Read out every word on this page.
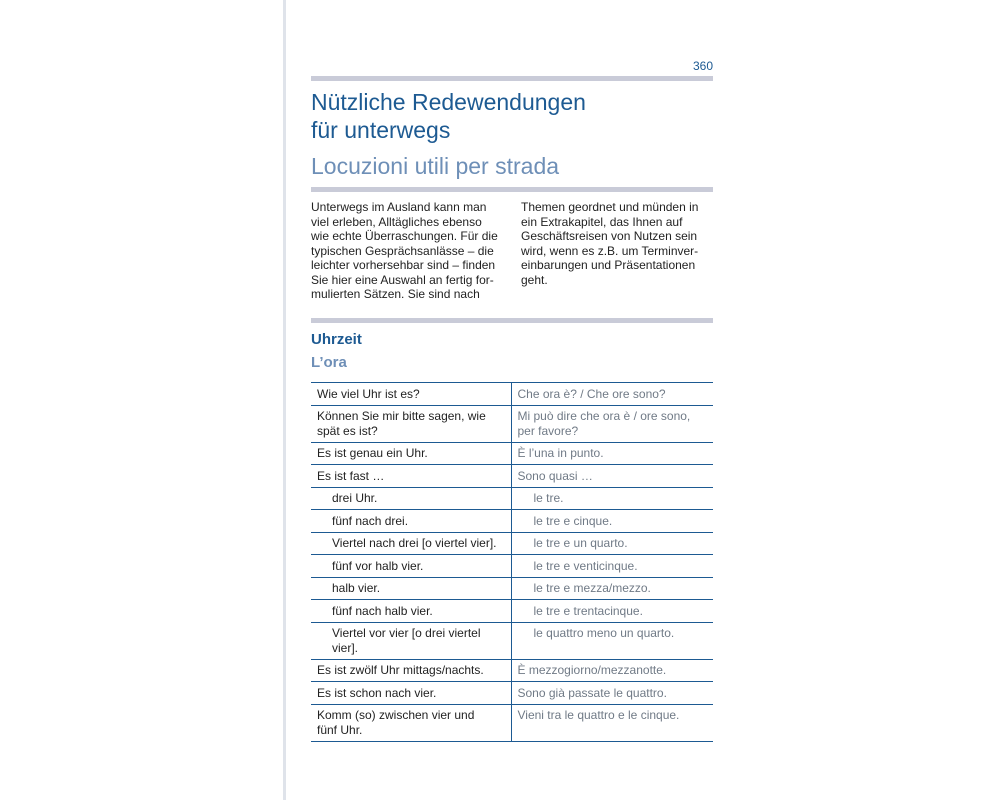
360
Nützliche Redewendungen
für unterwegs
Locuzioni utili per strada
Unterwegs im Ausland kann man
viel erleben, Alltägliches ebenso
wie echte Überraschungen. Für die
typischen Gesprächsanlässe – die
leichter vorhersehbar sind – finden
Sie hier eine Auswahl an fertig for-
mulierten Sätzen. Sie sind nach
Themen geordnet und münden in
ein Extrakapitel, das Ihnen auf
Geschäftsreisen von Nutzen sein
wird, wenn es z.B. um Terminver-
einbarungen und Präsentationen
geht.
Uhrzeit
L’ora
Wie viel Uhr ist es?	Che ora è? / Che ore sono?

Können Sie mir bitte sagen, wie
spät es ist?	Mi può dire che ora è / ore sono,
per favore?

Es ist genau ein Uhr.	È l’una in punto.

Es ist fast …	Sono quasi …

drei Uhr.	le tre.

fünf nach drei.	le tre e cinque.

Viertel nach drei [o viertel vier].	le tre e un quarto.

fünf vor halb vier.	le tre e venticinque.

halb vier.	le tre e mezza/mezzo.

fünf nach halb vier.	le tre e trentacinque.

Viertel vor vier [o drei viertel
vier].	le quattro meno un quarto.

Es ist zwölf Uhr mittags/nachts.	È mezzogiorno/mezzanotte.

Es ist schon nach vier.	Sono già passate le quattro.

Komm (so) zwischen vier und
fünf Uhr.	Vieni tra le quattro e le cinque.
